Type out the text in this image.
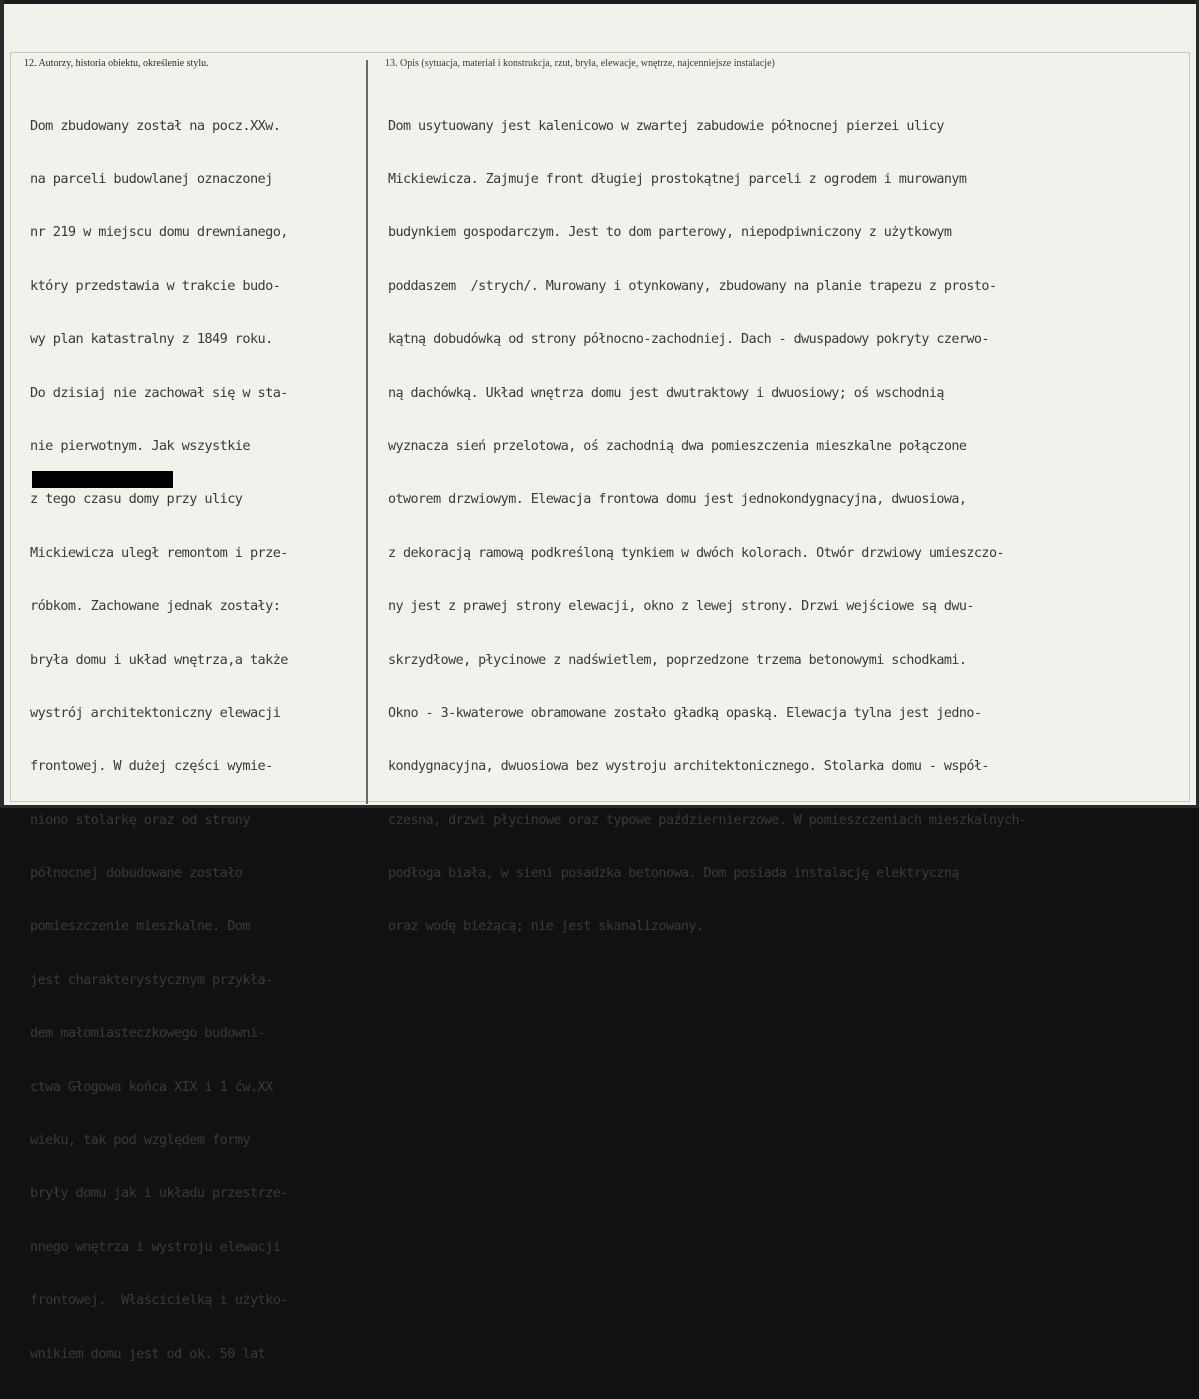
12. Autorzy, historia obiektu, określenie stylu.	13. Opis (sytuacja, materiał i konstrukcja, rzut, bryła, elewacje, wnętrze, najcenniejsze instalacje)

Dom zbudowany został na pocz.XXw.

na parceli budowlanej oznaczonej

nr 219 w miejscu domu drewnianego,

który przedstawia w trakcie budo-

wy plan katastralny z 1849 roku.

Do dzisiaj nie zachował się w sta-

nie pierwotnym. Jak wszystkie

z tego czasu domy przy ulicy

Mickiewicza uległ remontom i prze-

róbkom. Zachowane jednak zostały:

bryła domu i układ wnętrza,a także

wystrój architektoniczny elewacji

frontowej. W dużej części wymie-

niono stolarkę oraz od strony

północnej dobudowane zostało

pomieszczenie mieszkalne. Dom

jest charakterystycznym przykła-

dem małomiasteczkowego budowni-

ctwa Głogowa końca XIX i 1 ćw.XX

wieku, tak pod względem formy

bryły domu jak i układu przestrze-

nnego wnętrza i wystroju elewacji

frontowej.  Właścicielką i użytko-

wnikiem domu jest od ok. 50 lat

Dom usytuowany jest kalenicowo w zwartej zabudowie północnej pierzei ulicy

Mickiewicza. Zajmuje front długiej prostokątnej parceli z ogrodem i murowanym

budynkiem gospodarczym. Jest to dom parterowy, niepodpiwniczony z użytkowym

poddaszem  /strych/. Murowany i otynkowany, zbudowany na planie trapezu z prosto-

kątną dobudówką od strony północno-zachodniej. Dach - dwuspadowy pokryty czerwo-

ną dachówką. Układ wnętrza domu jest dwutraktowy i dwuosiowy; oś wschodnią

wyznacza sień przelotowa, oś zachodnią dwa pomieszczenia mieszkalne połączone

otworem drzwiowym. Elewacja frontowa domu jest jednokondygnacyjna, dwuosiowa,

z dekoracją ramową podkreśloną tynkiem w dwóch kolorach. Otwór drzwiowy umieszczo-

ny jest z prawej strony elewacji, okno z lewej strony. Drzwi wejściowe są dwu-

skrzydłowe, płycinowe z nadświetlem, poprzedzone trzema betonowymi schodkami.

Okno - 3-kwaterowe obramowane zostało gładką opaską. Elewacja tylna jest jedno-

kondygnacyjna, dwuosiowa bez wystroju architektonicznego. Stolarka domu - współ-

czesna, drzwi płycinowe oraz typowe październierzowe. W pomieszczeniach mieszkalnych-

podłoga biała, w sieni posadzka betonowa. Dom posiada instalację elektryczną

oraz wodę bieżącą; nie jest skanalizowany.
